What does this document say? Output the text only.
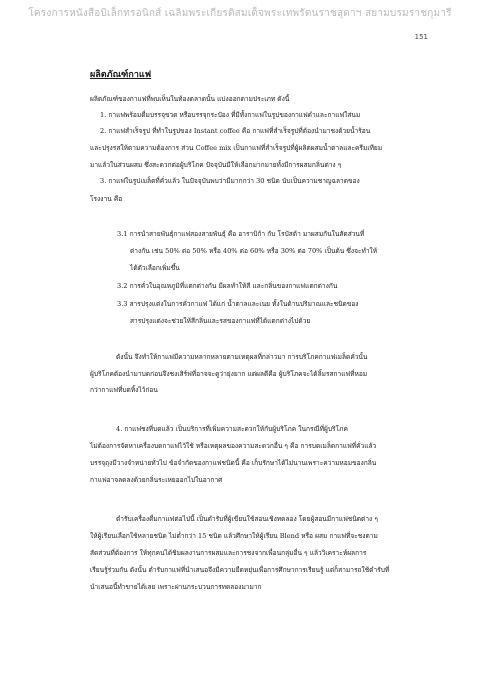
โครงการหนังสือบิเล็กทรอนิกส์ เฉลิมพระเกียรติสมเด็จพระเทพรัตนราชสุดาฯ สยามบรมราชกุมารี
151
ผลิตภัณฑ์กาแฟ
ผลิตภัณฑ์ของกาแฟที่พบเห็นในท้องตลาดนั้น แบ่งออกตามประเภท ดังนี้
1. กาแฟพร้อมดื่มบรรจุขวด หรือบรรจุกระป๋อง ที่มีทั้งกาแฟในรูปของกาแฟดำและกาแฟใส่นม
2. กาแฟสำเร็จรูป ที่ทำในรูปของ Instant coffee คือ กาแฟที่สำเร็จรูปที่ต้องนำมาชงด้วยน้ำร้อน
และปรุงรสให้ตามความต้องการ ส่วน Coffee mix เป็นกาแฟที่สำเร็จรูปที่ผู้ผลิตผสมน้ำตาลและครีมเทียม
มาแล้วในส่วนผสม ซึ่งสะดวกต่อผู้บริโภค ปัจจุบันมีให้เลือกมากมายทั้งมีการผสมกลิ่นต่าง ๆ
3. กาแฟในรูปเมล็ดที่คั่วแล้ว ในปัจจุบันพบว่ามีมากกว่า 30 ชนิด นับเป็นความชาญฉลาดของ
โรงงาน คือ
3.1 การนำสายพันธุ์กาแฟสองสายพันธุ์ คือ อาราบิก้า กับ โรบัสต้า มาผสมกันในสัดส่วนที่
ต่างกัน เช่น 50% ต่อ 50% หรือ 40% ต่อ 60% หรือ 30% ต่อ 70% เป็นต้น ซึ่งจะทำให้
ได้ตัวเลือกเพิ่มขึ้น
3.2 การคั่วในอุณหภูมิที่แตกต่างกัน มีผลทำให้สี และกลิ่นของกาแฟแตกต่างกัน
3.3 สารปรุงแต่งในการคั่วกาแฟ ได้แก่ น้ำตาลและเนย ทั้งในด้านปริมาณและชนิดของ
สารปรุงแต่งจะช่วยให้สีกลิ่นและรสของกาแฟที่ได้แตกต่างไปด้วย
ดังนั้น จึงทำให้กาแฟมีความหลากหลายตามเหตุผลที่กล่าวมา การบริโภคกาแฟเมล็ดคั่วนั้น
ผู้บริโภคต้องนำมาบดก่อนจึงชงเสิร์ฟที่อาจจะดูว่ายุ่งยาก แต่ผลดีคือ ผู้บริโภคจะได้ลิ้มรสกาแฟที่หอม
กว่ากาแฟที่บดทิ้งไว้ก่อน
4. กาแฟชงที่บดแล้ว เป็นบริการที่เพิ่มความสะดวกให้กับผู้บริโภค ในกรณีที่ผู้บริโภค
ไม่ต้องการจัดหาเครื่องบดกาแฟไว้ใช้ หรือเหตุผลของความสะดวกอื่น ๆ คือ การบดเมล็ดกาแฟที่คั่วแล้ว
บรรจุถุงมีวางจำหน่ายทั่วไป ข้อจำกัดของกาแฟชนิดนี้ คือ เก็บรักษาได้ไม่นานเพราะความหอมของกลิ่น
กาแฟอาจลดลงด้วยกลิ่นระเหยออกไปในอากาศ
ตำรับเครื่องดื่มกาแฟต่อไปนี้ เป็นตำรับที่ผู้เขียนใช้สอนเชิงทดลอง โดยผู้สอนมีกาแฟชนิดต่าง ๆ
ให้ผู้เรียนเลือกใช้หลายชนิด ไม่ต่ำกว่า 15 ชนิด แล้วศึกษาให้ผู้เรียน Blend หรือ ผสม กาแฟที่จะชงตาม
สัดส่วนที่ต้องการ ให้ทุกคนได้ชิมผลงานการผสมและการชงจากเพื่อนกลุ่มอื่น ๆ แล้ววิเคราะห์ผลการ
เรียนรู้ร่วมกัน ดังนั้น ตำรับกาแฟที่นำเสนอจึงมีความยืดหยุ่นเพื่อการศึกษาการเรียนรู้ แต่ก็สามารถใช้ตำรับที่
นำเสนอนี้ทำขายได้เลย เพราะผ่านกระบวนการทดลองมามาก
